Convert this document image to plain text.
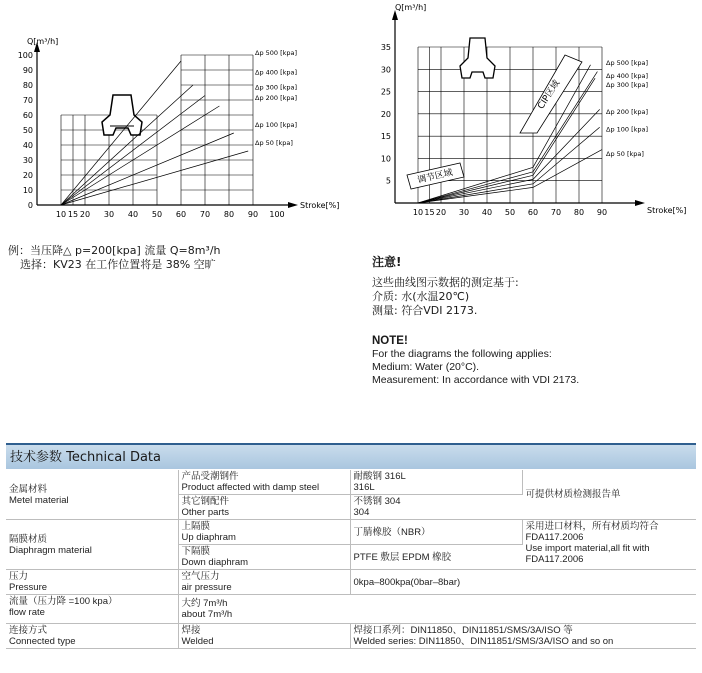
Q[m³/h]
Stroke[%]
0
10
20
30
40
50
60
70
80
90
100
10 15 20 30 40 50 60 70 80 90 100
Δp 500 [kpa]
Δp 400 [kpa]
Δp 300 [kpa]
Δp 200 [kpa]
Δp 100 [kpa]
Δp 50 [kpa]
调节区域
CIP区域
Q[m³/h]
Stroke[%]
5
10
15
20
25
30
35
10 15 20 30 40 50 60 70 80 90
Δp 500 [kpa]
Δp 400 [kpa]
Δp 300 [kpa]
Δp 200 [kpa]
Δp 100 [kpa]
Δp 50 [kpa]
例：当压降△ p=200[kpa] 流量 Q=8m³/h
选择：KV23 在工作位置将是 38% 空旷	注意!
这些曲线图示数据的测定基于:
介质: 水(水温20℃)
测量: 符合VDI 2173.
NOTE!
For the diagrams the following applies:
Medium: Water (20°C).
Measurement: In accordance with VDI 2173.
技术参数 Technical Data
金属材料
Metel material	产品受潮钢件
Product affected with damp steel	耐酸钢 316L
316L	可提供材质检测报告单

	其它钢配件
Other parts	不锈钢 304
304	

隔膜材质
Diaphragm material	上隔膜
Up diaphram	丁腈橡胶（NBR）	采用进口材料，所有材质均符合
FDA117.2006
Use import material,all fit with
FDA117.2006

	下隔膜
Down diaphram	PTFE 敷层 EPDM 橡胶	

压力
Pressure	空气压力
air pressure	0kpa–800kpa(0bar–8bar)	

流量（压力降 =100 kpa）
flow rate	大约 7m³/h
about 7m³/h		

连接方式
Connected type	焊接
Welded	焊接口系列：DIN11850、DIN11851/SMS/3A/ISO 等
Welded series: DIN11850、DIN11851/SMS/3A/ISO and so on	
